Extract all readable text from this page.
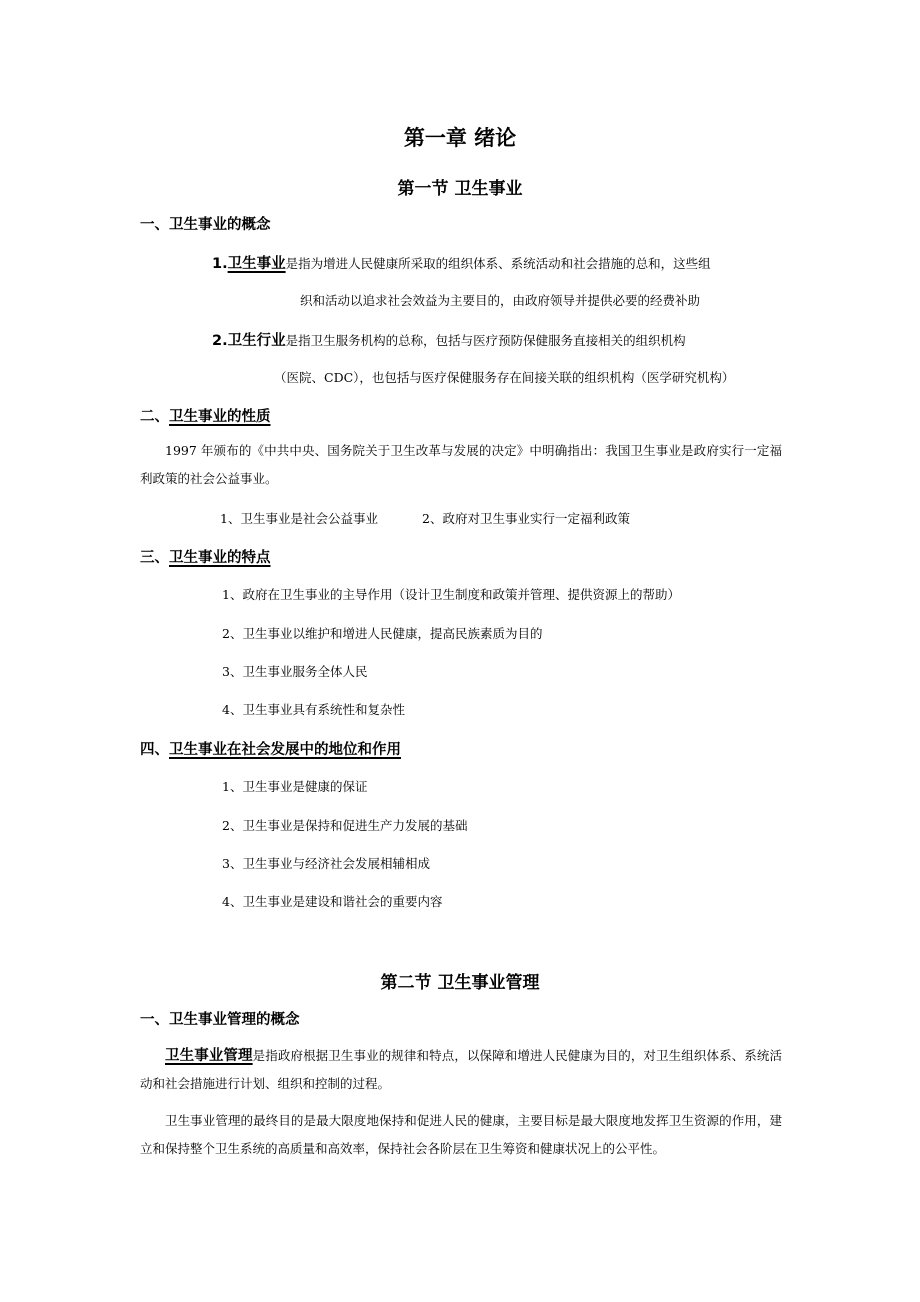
第一章 绪论
第一节 卫生事业
一、卫生事业的概念
1.卫生事业是指为增进人民健康所采取的组织体系、系统活动和社会措施的总和，这些组
织和活动以追求社会效益为主要目的，由政府领导并提供必要的经费补助
2.卫生行业是指卫生服务机构的总称，包括与医疗预防保健服务直接相关的组织机构
（医院、CDC），也包括与医疗保健服务存在间接关联的组织机构（医学研究机构）
二、卫生事业的性质
1997 年颁布的《中共中央、国务院关于卫生改革与发展的决定》中明确指出：我国卫生事业是政府实行一定福利政策的社会公益事业。
1、卫生事业是社会公益事业	2、政府对卫生事业实行一定福利政策
三、卫生事业的特点
1、政府在卫生事业的主导作用（设计卫生制度和政策并管理、提供资源上的帮助）
2、卫生事业以维护和增进人民健康，提高民族素质为目的
3、卫生事业服务全体人民
4、卫生事业具有系统性和复杂性
四、卫生事业在社会发展中的地位和作用
1、卫生事业是健康的保证
2、卫生事业是保持和促进生产力发展的基础
3、卫生事业与经济社会发展相辅相成
4、卫生事业是建设和谐社会的重要内容
第二节 卫生事业管理
一、卫生事业管理的概念
卫生事业管理是指政府根据卫生事业的规律和特点，以保障和增进人民健康为目的，对卫生组织体系、系统活动和社会措施进行计划、组织和控制的过程。
卫生事业管理的最终目的是最大限度地保持和促进人民的健康，主要目标是最大限度地发挥卫生资源的作用，建立和保持整个卫生系统的高质量和高效率，保持社会各阶层在卫生筹资和健康状况上的公平性。
